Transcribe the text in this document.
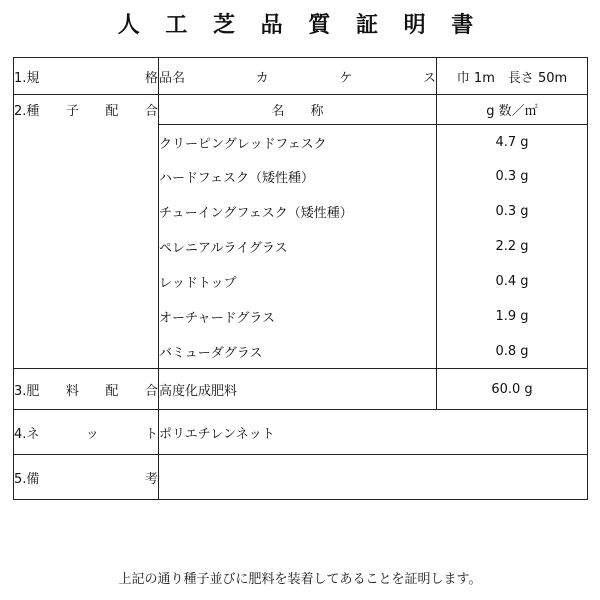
人 工 芝 品 質 証 明 書
1.規 格	品名 カ ケ ス	巾 1m　長さ 50m

2.種 子 配 合	名　　称	g 数／㎡
	クリーピングレッドフェスク	4.7 g
	ハードフェスク（矮性種）	0.3 g
	チューイングフェスク（矮性種）	0.3 g
	ペレニアルライグラス	2.2 g
	レッドトップ	0.4 g
	オーチャードグラス	1.9 g
	バミューダグラス	0.8 g

3.肥 料 配 合	高度化成肥料	60.0 g

4.ネ ッ ト	ポリエチレンネット	

5.備 考		

上記の通り種子並びに肥料を装着してあることを証明します。
